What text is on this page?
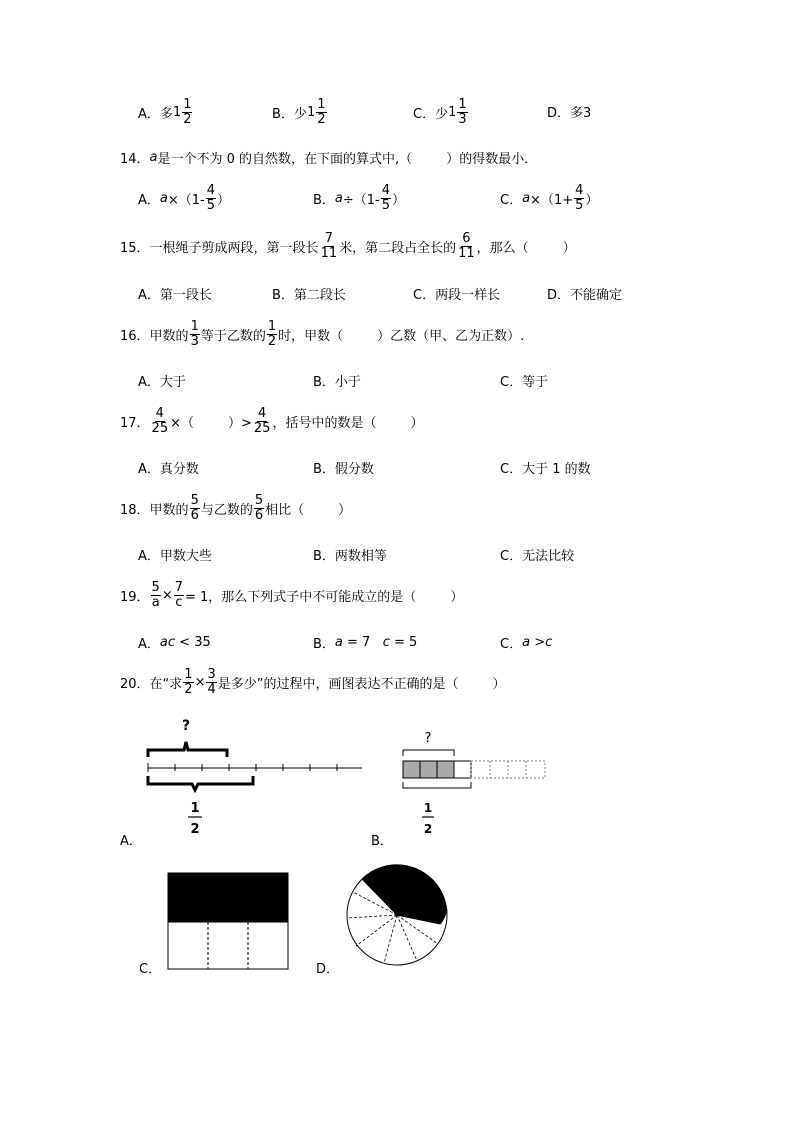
A． 多 $1 \frac{1}{2}$	B． 少 $1 \frac{1}{2}$	C． 少 $1 \frac{1}{3}$	D． 多3
14． a 是一个不为 0 的自然数，在下面的算式中,（	）的得数最小．
A． $a \times(1- \frac{4}{5}$ ）	B． $a \div(1- \frac{4}{5}$ ）	C． $a \times(1+ \frac{4}{5}$ ）
15． 一根绳子剪成两段，第一段长 $\frac{7}{11}$ 米，第二段占全长的 $\frac{6}{11}$ ，那么（	）
A．第一段长	B．第二段长	C．两段一样长	D．不能确定
16． 甲数的 $\frac{1}{3}$ 等于乙数的 $\frac{1}{2}$ 时，甲数（	）乙数（甲、乙为正数）.
A．大于	B．小于	C．等于
17． $\frac{4}{25}$ ×（	）> $\frac{4}{25}$ ，括号中的数是（	）
A．真分数	B．假分数	C．大于 1 的数
18． 甲数的 $\frac{5}{6}$ 与乙数的 $\frac{5}{6}$ 相比（	）
A．甲数大些	B．两数相等	C．无法比较
19． $\frac{5}{a} \times \frac{7}{c} = 1$，那么下列式子中不可能成立的是（	）
A． ac
< 35	B． a
= 7
c
= 5	C． a
> c
20． 在“求 $\frac{1}{2} \times \frac{3}{4}$ 是多少”的过程中，画图表达不正确的是（	）
?
1
2
A．
?
1
2
B．
C．	D．
